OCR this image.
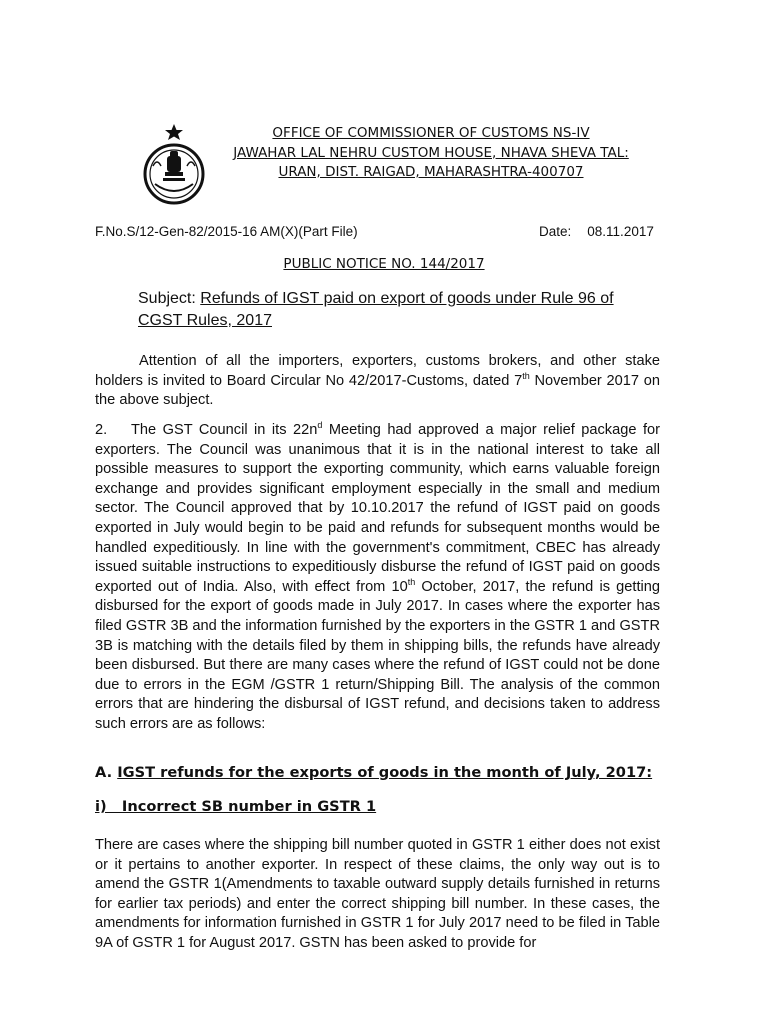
OFFICE OF COMMISSIONER OF CUSTOMS NS-IV
JAWAHAR LAL NEHRU CUSTOM HOUSE, NHAVA SHEVA TAL:
URAN, DIST. RAIGAD, MAHARASHTRA-400707
F.No.S/12-Gen-82/2015-16 AM(X)(Part File)	Date: 08.11.2017
PUBLIC NOTICE NO. 144/2017
Subject: Refunds of IGST paid on export of goods under Rule 96 of CGST Rules, 2017

Attention of all the importers, exporters, customs brokers, and other stake holders is invited to Board Circular No 42/2017-Customs, dated 7th November 2017 on the above subject.

2. The GST Council in its $22n^d$ Meeting had approved a major relief package for exporters. The Council was unanimous that it is in the national interest to take all possible measures to support the exporting community, which earns valuable foreign exchange and provides significant employment especially in the small and medium sector. The Council approved that by 10.10.2017 the refund of IGST paid on goods exported in July would begin to be paid and refunds for subsequent months would be handled expeditiously. In line with the government's commitment, CBEC has already issued suitable instructions to expeditiously disburse the refund of IGST paid on goods exported out of India. Also, with effect from 10th October, 2017, the refund is getting disbursed for the export of goods made in July 2017. In cases where the exporter has filed GSTR 3B and the information furnished by the exporters in the GSTR 1 and GSTR 3B is matching with the details filed by them in shipping bills, the refunds have already been disbursed. But there are many cases where the refund of IGST could not be done due to errors in the EGM /GSTR 1 return/Shipping Bill. The analysis of the common errors that are hindering the disbursal of IGST refund, and decisions taken to address such errors are as follows:

A. IGST refunds for the exports of goods in the month of July, 2017:
i)   Incorrect SB number in GSTR 1

There are cases where the shipping bill number quoted in GSTR 1 either does not exist or it pertains to another exporter. In respect of these claims, the only way out is to amend the GSTR 1(Amendments to taxable outward supply details furnished in returns for earlier tax periods) and enter the correct shipping bill number. In these cases, the amendments for information furnished in GSTR 1 for July 2017 need to be filed in Table 9A of GSTR 1 for August 2017. GSTN has been asked to provide for
